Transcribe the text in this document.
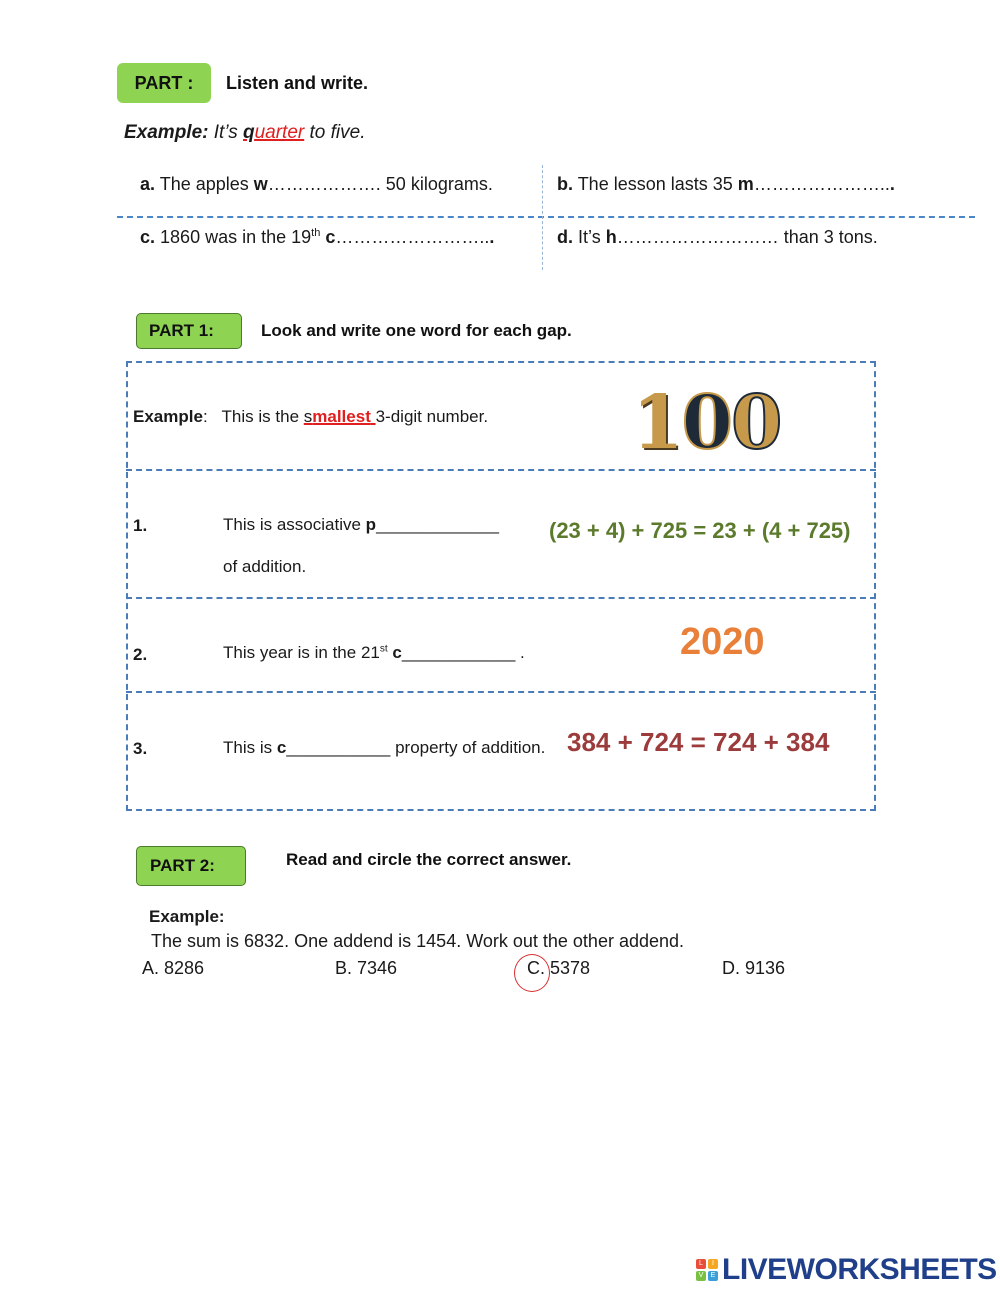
PART : Listen and write.
Example: It’s quarter to five.
a. The apples w………………. 50 kilograms.	b. The lesson lasts 35 m…………………...
c. 1860 was in the 19th c……………………...	d. It’s h……………………… than 3 tons.
PART 1:	Look and write one word for each gap.
Example: This is the smallest 3-digit number. 100
1.	This is associative p_____________
of addition.
(23 + 4) + 725 = 23 + (4 + 725)
2.	This year is in the 21st c____________ .	2020
3.	This is c___________ property of addition. 384 + 724 = 724 + 384
PART 2:	Read and circle the correct answer.
Example:
The sum is 6832. One addend is 1454. Work out the other addend.
A. 8286	B. 7346	C. 5378	D. 9136
L	I
V	E LIVEWORKSHEETS
